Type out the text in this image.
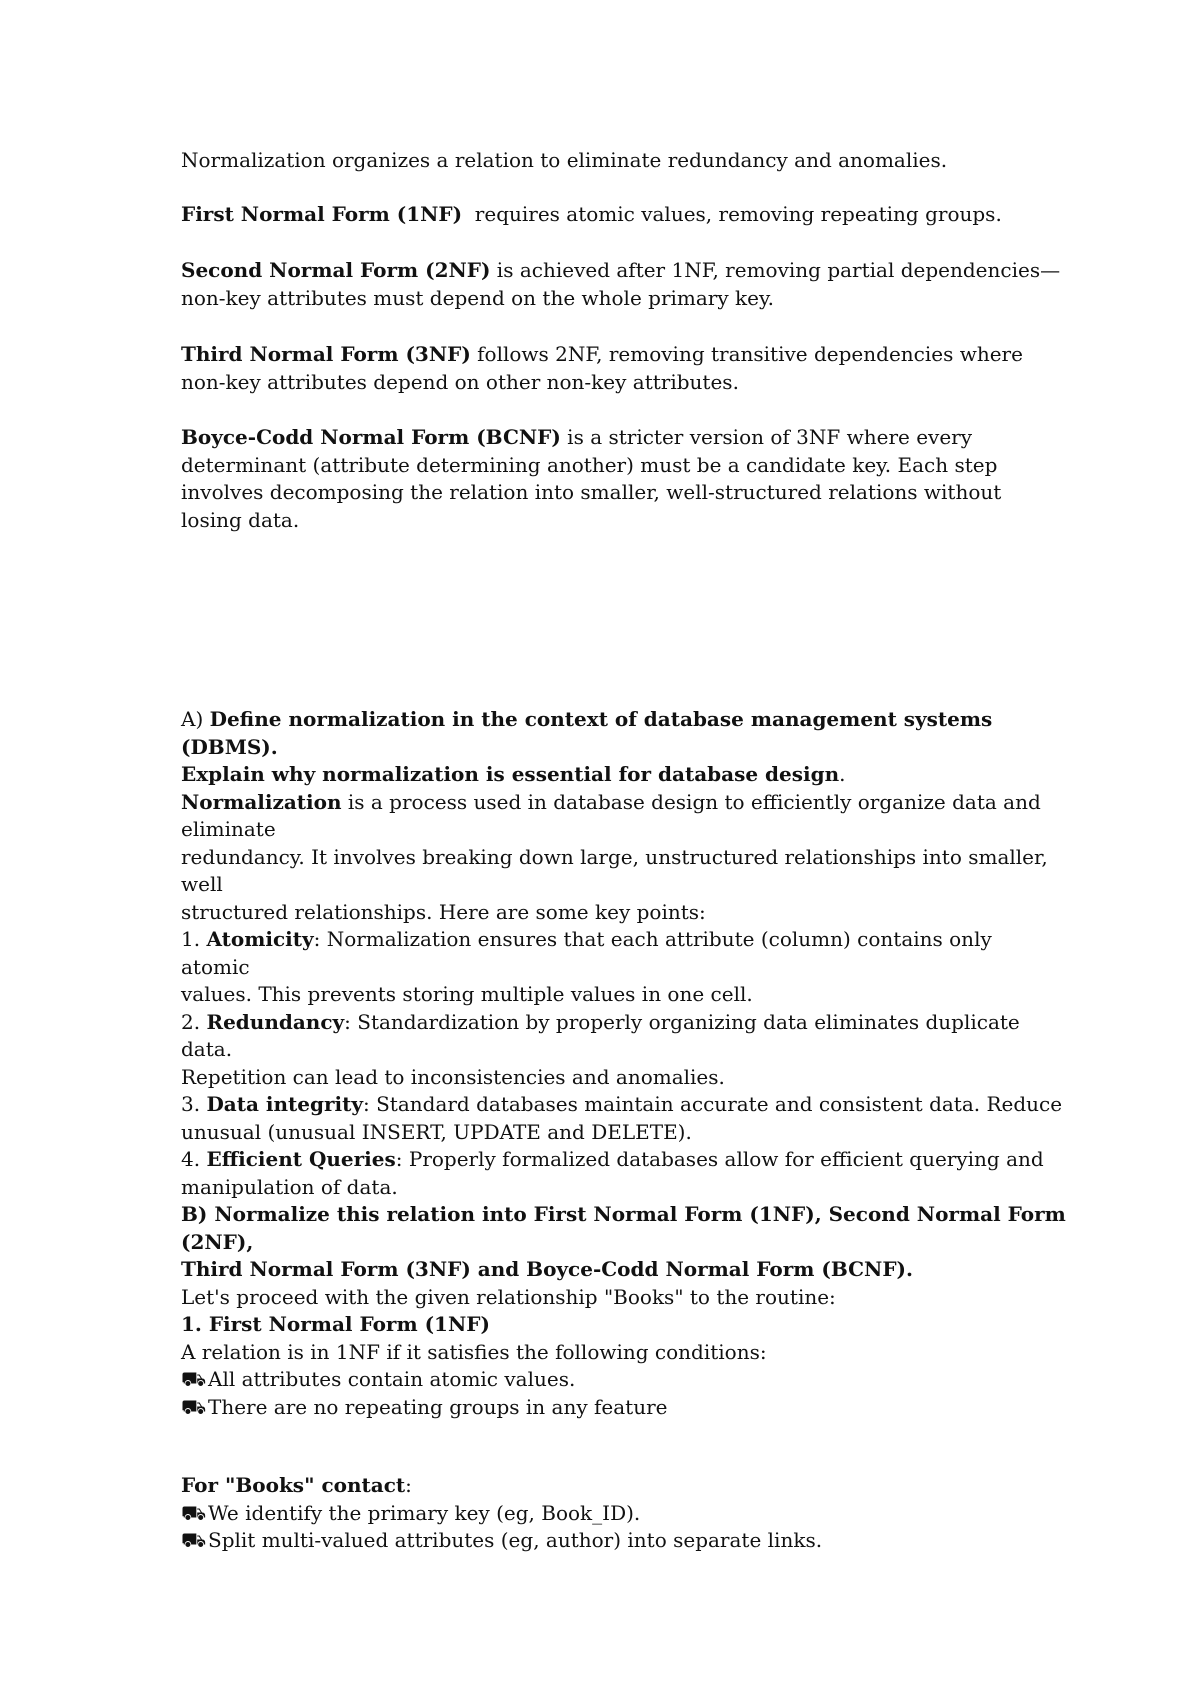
Normalization organizes a relation to eliminate redundancy and anomalies.
First Normal Form (1NF)  requires atomic values, removing repeating groups.
Second Normal Form (2NF) is achieved after 1NF, removing partial dependencies—
non-key attributes must depend on the whole primary key.
Third Normal Form (3NF) follows 2NF, removing transitive dependencies where
non-key attributes depend on other non-key attributes.
Boyce-Codd Normal Form (BCNF) is a stricter version of 3NF where every
determinant (attribute determining another) must be a candidate key. Each step
involves decomposing the relation into smaller, well-structured relations without
losing data.
A) Define normalization in the context of database management systems
(DBMS).
Explain why normalization is essential for database design.
Normalization is a process used in database design to efficiently organize data and
eliminate
redundancy. It involves breaking down large, unstructured relationships into smaller,
well
structured relationships. Here are some key points:
1. Atomicity: Normalization ensures that each attribute (column) contains only
atomic
values. This prevents storing multiple values in one cell.
2. Redundancy: Standardization by properly organizing data eliminates duplicate
data.
Repetition can lead to inconsistencies and anomalies.
3. Data integrity: Standard databases maintain accurate and consistent data. Reduce
unusual (unusual INSERT, UPDATE and DELETE).
4. Efficient Queries: Properly formalized databases allow for efficient querying and
manipulation of data.
B) Normalize this relation into First Normal Form (1NF), Second Normal Form
(2NF),
Third Normal Form (3NF) and Boyce-Codd Normal Form (BCNF).
Let's proceed with the given relationship "Books" to the routine:
1. First Normal Form (1NF)
A relation is in 1NF if it satisfies the following conditions:
⛟All attributes contain atomic values.
⛟There are no repeating groups in any feature
For "Books" contact:
⛟We identify the primary key (eg, Book_ID).
⛟Split multi-valued attributes (eg, author) into separate links.
